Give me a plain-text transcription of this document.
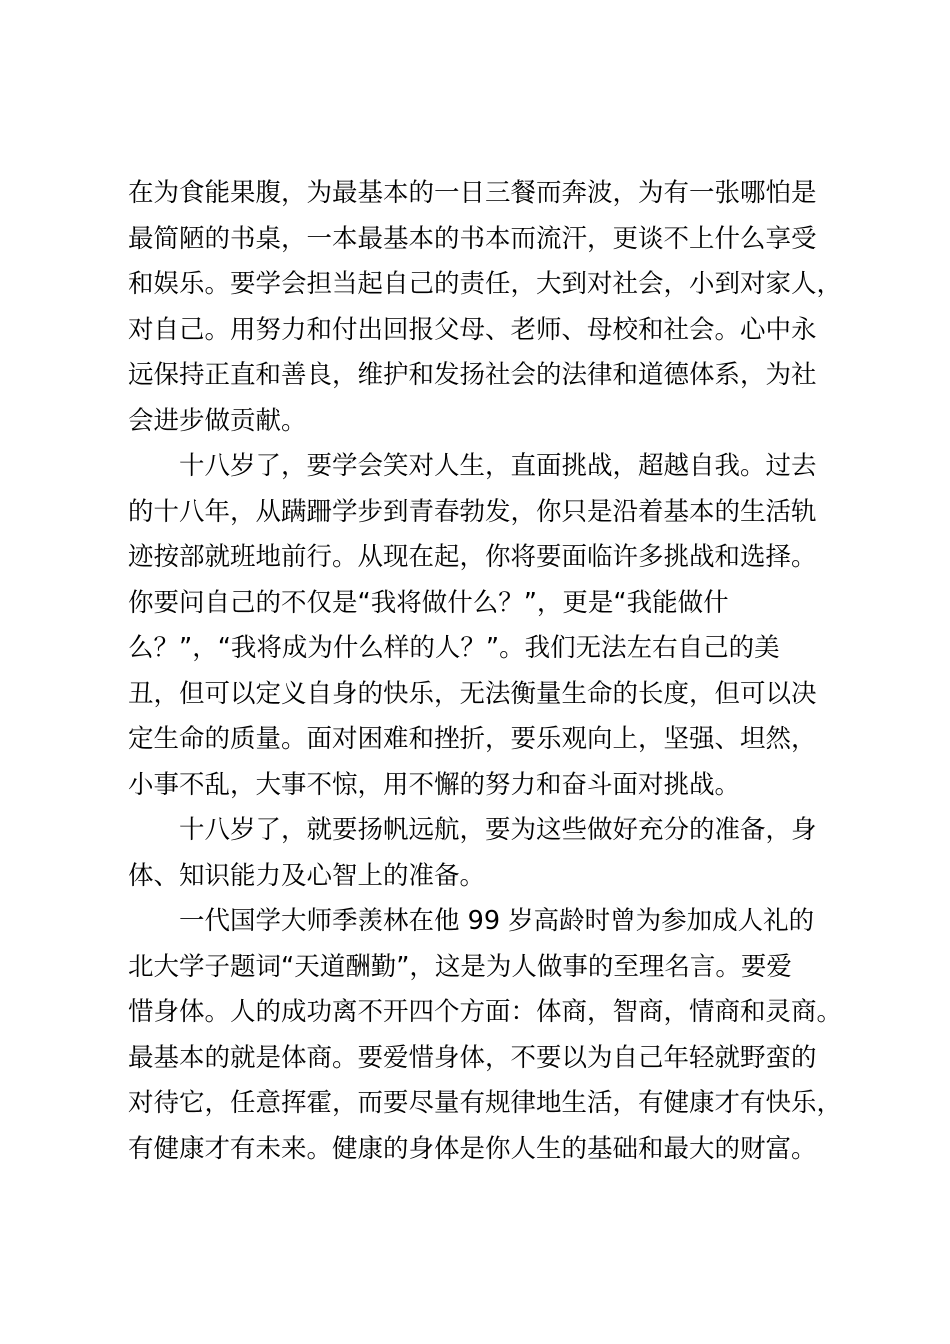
在为食能果腹，为最基本的一日三餐而奔波，为有一张哪怕是
最简陋的书桌，一本最基本的书本而流汗，更谈不上什么享受
和娱乐。要学会担当起自己的责任，大到对社会，小到对家人，
对自己。用努力和付出回报父母、老师、母校和社会。心中永
远保持正直和善良，维护和发扬社会的法律和道德体系，为社
会进步做贡献。
　　十八岁了，要学会笑对人生，直面挑战，超越自我。过去
的十八年，从蹒跚学步到青春勃发，你只是沿着基本的生活轨
迹按部就班地前行。从现在起，你将要面临许多挑战和选择。
你要问自己的不仅是“我将做什么？”，更是“我能做什
么？”，“我将成为什么样的人？”。我们无法左右自己的美
丑，但可以定义自身的快乐，无法衡量生命的长度，但可以决
定生命的质量。面对困难和挫折，要乐观向上，坚强、坦然，
小事不乱，大事不惊，用不懈的努力和奋斗面对挑战。
　　十八岁了，就要扬帆远航，要为这些做好充分的准备，身
体、知识能力及心智上的准备。
　　一代国学大师季羡林在他 99 岁高龄时曾为参加成人礼的
北大学子题词“天道酬勤”，这是为人做事的至理名言。要爱
惜身体。人的成功离不开四个方面：体商，智商，情商和灵商。
最基本的就是体商。要爱惜身体，不要以为自己年轻就野蛮的
对待它，任意挥霍，而要尽量有规律地生活，有健康才有快乐，
有健康才有未来。健康的身体是你人生的基础和最大的财富。
